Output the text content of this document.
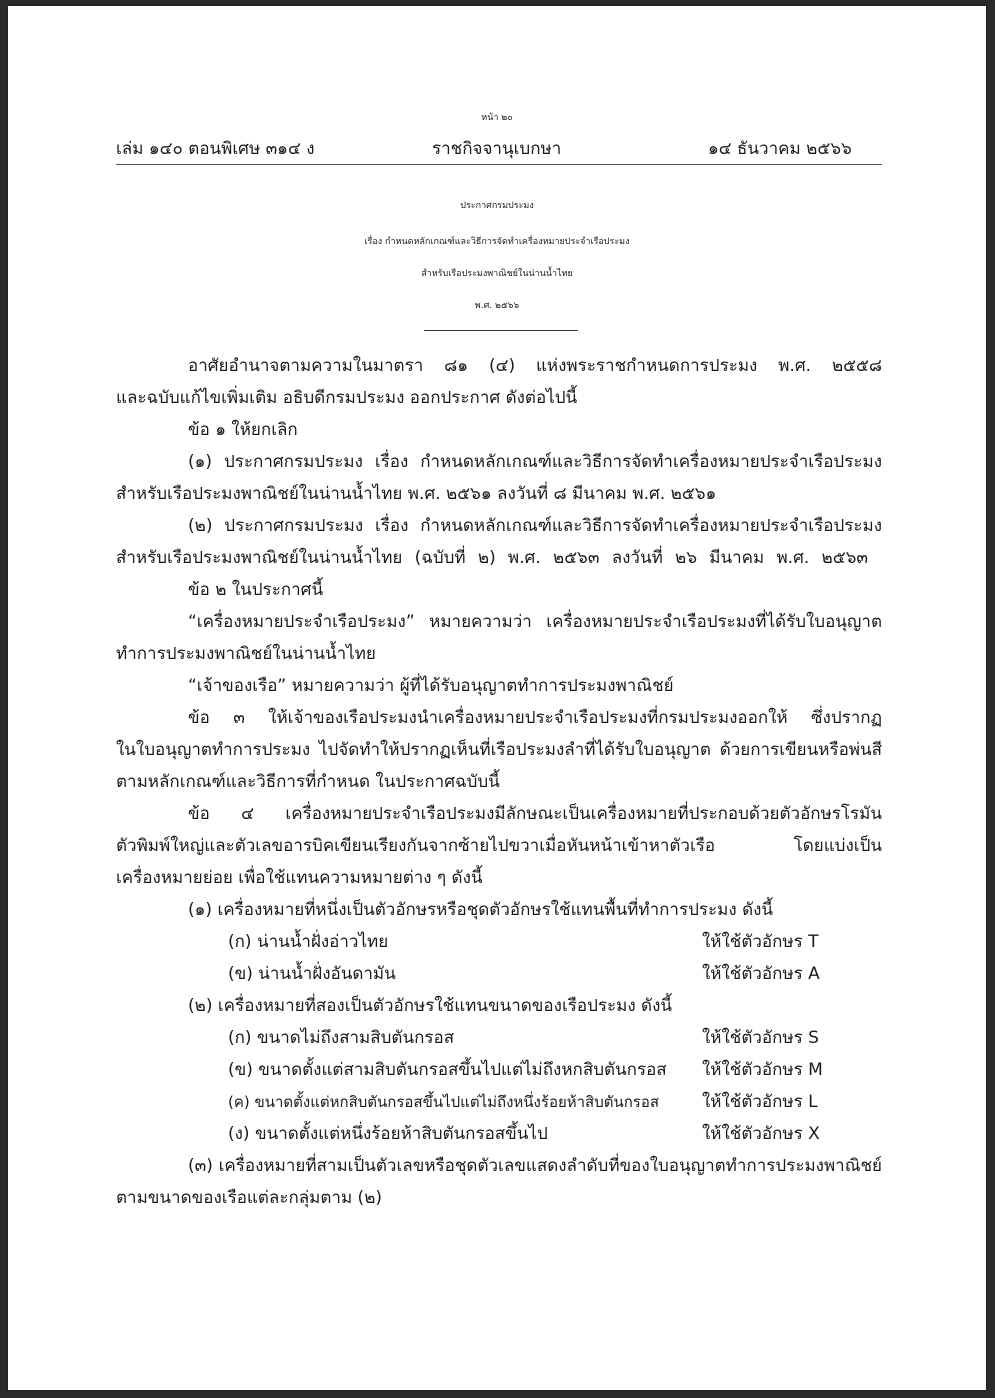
หน้า ๒๐
เล่ม ๑๔๐ ตอนพิเศษ ๓๑๔ ง	ราชกิจจานุเบกษา	๑๔ ธันวาคม ๒๕๖๖
ประกาศกรมประมง
เรื่อง กำหนดหลักเกณฑ์และวิธีการจัดทำเครื่องหมายประจำเรือประมง
สำหรับเรือประมงพาณิชย์ในน่านน้ำไทย
พ.ศ. ๒๕๖๖
อาศัยอำนาจตามความในมาตรา ๘๑ (๔) แห่งพระราชกำหนดการประมง พ.ศ. ๒๕๕๘
และฉบับแก้ไขเพิ่มเติม อธิบดีกรมประมง ออกประกาศ ดังต่อไปนี้
ข้อ ๑ ให้ยกเลิก
(๑) ประกาศกรมประมง เรื่อง กำหนดหลักเกณฑ์และวิธีการจัดทำเครื่องหมายประจำเรือประมง
สำหรับเรือประมงพาณิชย์ในน่านน้ำไทย พ.ศ. ๒๕๖๑ ลงวันที่ ๘ มีนาคม พ.ศ. ๒๕๖๑
(๒) ประกาศกรมประมง เรื่อง กำหนดหลักเกณฑ์และวิธีการจัดทำเครื่องหมายประจำเรือประมง
สำหรับเรือประมงพาณิชย์ในน่านน้ำไทย (ฉบับที่ ๒) พ.ศ. ๒๕๖๓ ลงวันที่ ๒๖ มีนาคม พ.ศ. ๒๕๖๓
ข้อ ๒ ในประกาศนี้
“เครื่องหมายประจำเรือประมง” หมายความว่า เครื่องหมายประจำเรือประมงที่ได้รับใบอนุญาต
ทำการประมงพาณิชย์ในน่านน้ำไทย
“เจ้าของเรือ” หมายความว่า ผู้ที่ได้รับอนุญาตทำการประมงพาณิชย์
ข้อ ๓ ให้เจ้าของเรือประมงนำเครื่องหมายประจำเรือประมงที่กรมประมงออกให้ ซึ่งปรากฏ
ในใบอนุญาตทำการประมง ไปจัดทำให้ปรากฏเห็นที่เรือประมงลำที่ได้รับใบอนุญาต ด้วยการเขียนหรือพ่นสี
ตามหลักเกณฑ์และวิธีการที่กำหนด ในประกาศฉบับนี้
ข้อ ๔ เครื่องหมายประจำเรือประมงมีลักษณะเป็นเครื่องหมายที่ประกอบด้วยตัวอักษรโรมัน
ตัวพิมพ์ใหญ่และตัวเลขอารบิคเขียนเรียงกันจากซ้ายไปขวาเมื่อหันหน้าเข้าหาตัวเรือ โดยแบ่งเป็น
เครื่องหมายย่อย เพื่อใช้แทนความหมายต่าง ๆ ดังนี้
(๑) เครื่องหมายที่หนึ่งเป็นตัวอักษรหรือชุดตัวอักษรใช้แทนพื้นที่ทำการประมง ดังนี้
(ก) น่านน้ำฝั่งอ่าวไทย	ให้ใช้ตัวอักษร T
(ข) น่านน้ำฝั่งอันดามัน	ให้ใช้ตัวอักษร A
(๒) เครื่องหมายที่สองเป็นตัวอักษรใช้แทนขนาดของเรือประมง ดังนี้
(ก) ขนาดไม่ถึงสามสิบตันกรอส	ให้ใช้ตัวอักษร S
(ข) ขนาดตั้งแต่สามสิบตันกรอสขึ้นไปแต่ไม่ถึงหกสิบตันกรอส ให้ใช้ตัวอักษร M
(ค) ขนาดตั้งแต่หกสิบตันกรอสขึ้นไปแต่ไม่ถึงหนึ่งร้อยห้าสิบตันกรอส	ให้ใช้ตัวอักษร L
(ง) ขนาดตั้งแต่หนึ่งร้อยห้าสิบตันกรอสขึ้นไป	ให้ใช้ตัวอักษร X
(๓) เครื่องหมายที่สามเป็นตัวเลขหรือชุดตัวเลขแสดงลำดับที่ของใบอนุญาตทำการประมงพาณิชย์
ตามขนาดของเรือแต่ละกลุ่มตาม (๒)
